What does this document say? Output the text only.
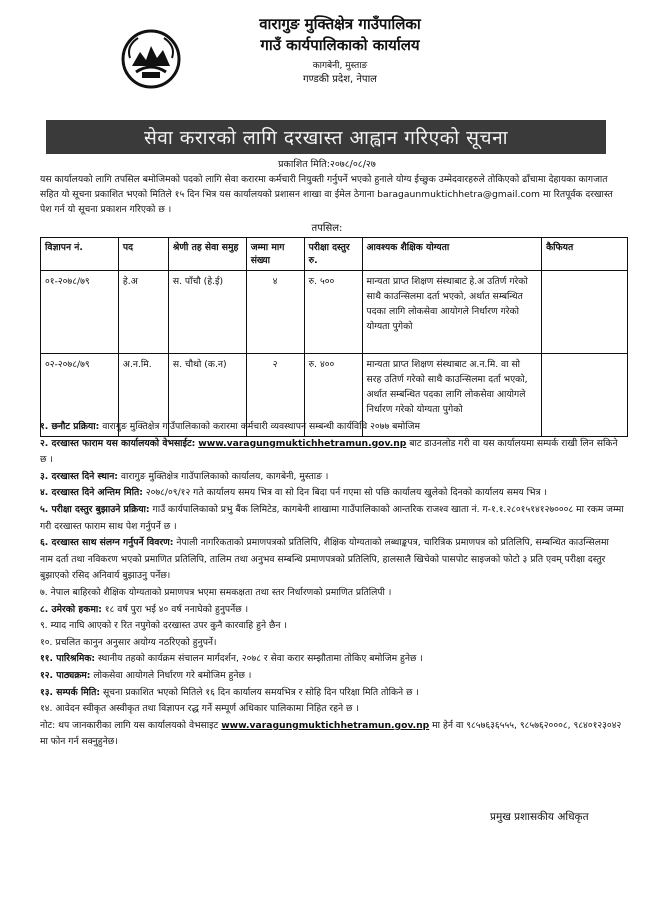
वारागुङ मुक्तिक्षेत्र गाउँपालिका
गाउँ कार्यपालिकाको कार्यालय
कागबेनी, मुस्ताङ
गण्डकी प्रदेश, नेपाल
सेवा करारको लागि दरखास्त आह्वान गरिएको सूचना
प्रकाशित मिति:२०७८/०८/२७
यस कार्यालयको लागि तपसिल बमोजिमको पदको लागि सेवा करारमा कर्मचारी नियुक्ती गर्नुपर्ने भएको हुनाले योग्य ईच्छुक उम्मेदवारहरुले तोकिएको ढाँचामा देहायका कागजात सहित यो सूचना प्रकाशित भएको मितिले १५ दिन भित्र यस कार्यालयको प्रशासन शाखा वा ईमेल ठेगाना baragaunmuktichhetra@gmail.com मा रितपूर्वक दरखास्त पेश गर्न यो सूचना प्रकाशन गरिएको छ ।
तपसिल:
विज्ञापन नं.	पद	श्रेणी तह सेवा समुह	जम्मा माग संख्या	परीक्षा दस्तुर रु.	आवश्यक शैक्षिक योग्यता	कैफियत
०१-२०७८/७९	हे.अ	स. पाँचौ (हे.ई)	४	रु. ५००	मान्यता प्राप्त शिक्षण संस्थाबाट हे.अ उतिर्ण गरेको साथै काउन्सिलमा दर्ता भएको, अर्थात सम्बन्धित पदका लागि लोकसेवा आयोगले निर्धारण गरेको योग्यता पुगेको	
०२-२०७८/७९	अ.न.मि.	स. चौथो (क.न)	२	रु. ४००	मान्यता प्राप्त शिक्षण संस्थाबाट अ.न.मि. वा सो सरह उतिर्ण गरेको साथै काउन्सिलमा दर्ता भएको, अर्थात सम्बन्धित पदका लागि लोकसेवा आयोगले निर्धारण गरेको योग्यता पुगेको	

१. छनौट प्रक्रिया: वारागुङ मुक्तिक्षेत्र गाउँपालिकाको करारमा कर्मचारी व्यवस्थापन सम्बन्धी कार्यविधि २०७७ बमोजिम

२. दरखास्त फाराम यस कार्यालयको वेभसाईट: www.varagungmuktichhetramun.gov.np बाट डाउनलोड गरी वा यस कार्यालयमा सम्पर्क राखी लिन सकिने छ ।

३. दरखास्त दिने स्थान: वारागुङ मुक्तिक्षेत्र गाउँपालिकाको कार्यालय, कागबेनी, मुस्ताङ ।

४. दरखास्त दिने अन्तिम मिति: २०७८/०९/१२ गते कार्यालय समय भित्र वा सो दिन बिदा पर्न गएमा सो पछि कार्यालय खुलेको दिनको कार्यालय समय भित्र ।

५. परीक्षा दस्तुर बुझाउने प्रक्रिया: गाउँ कार्यपालिकाको प्रभु बैंक लिमिटेड, कागबेनी शाखामा गाउँपालिकाको आन्तरिक राजश्व खाता नं. ग-१.१.२८०१५१४१२७०००८ मा रकम जम्मा गरी दरखास्त फाराम साथ पेश गर्नुपर्ने छ ।

६. दरखास्त साथ संलग्न गर्नुपर्ने विवरण: नेपाली नागरिकताको प्रमाणपत्रको प्रतिलिपि, शैक्षिक योग्यताको लब्धाङ्कपत्र, चारित्रिक प्रमाणपत्र को प्रतिलिपि, सम्बन्धित काउन्सिलमा नाम दर्ता तथा नविकरण भएको प्रमाणित प्रतिलिपि, तालिम तथा अनुभव सम्बन्धि प्रमाणपत्रको प्रतिलिपि, हालसालै खिचेको पासपोट साइजको फोटो ३ प्रति एवम् परीक्षा दस्तुर बुझाएको रसिद अनिवार्य बुझाउनु पर्नेछ।

७. नेपाल बाहिरको शैक्षिक योग्यताको प्रमाणपत्र भएमा समकक्षता तथा स्तर निर्धारणको प्रमाणित प्रतिलिपी ।

८. उमेरको हकमा: १८ वर्ष पुरा भई ४० वर्ष ननाघेको हुनुपर्नेछ ।

९. म्याद नाघि आएको र रित नपुगेको दरखास्त उपर कुनै कारवाहि हुने छैन ।

१०. प्रचलित कानुन अनुसार अयोग्य नठरिएको हुनुपर्ने।

११. पारिश्रमिक: स्थानीय तहको कार्यक्रम संचालन मार्गदर्शन, २०७८ र सेवा करार सम्झौतामा तोकिए बमोजिम हुनेछ ।

१२. पाठ्यक्रम: लोकसेवा आयोगले निर्धारण गरे बमोजिम हुनेछ ।

१३. सम्पर्क मिति: सूचना प्रकाशित भएको मितिले १६ दिन कार्यालय समयभित्र र सोहि दिन परिक्षा मिति तोकिने छ ।

१४. आवेदन स्वीकृत अस्वीकृत तथा विज्ञापन रद्ध गर्ने सम्पूर्ण अधिकार पालिकामा निहित रहने छ ।

नोट: थप जानकारीका लागि यस कार्यालयको वेभसाइट www.varagungmuktichhetramun.gov.np मा हेर्न वा ९८५७६३६५५५, ९८५७६२०००८, ९८४०१२३०४२ मा फोन गर्न सक्नुहुनेछ।

प्रमुख प्रशासकीय अधिकृत
